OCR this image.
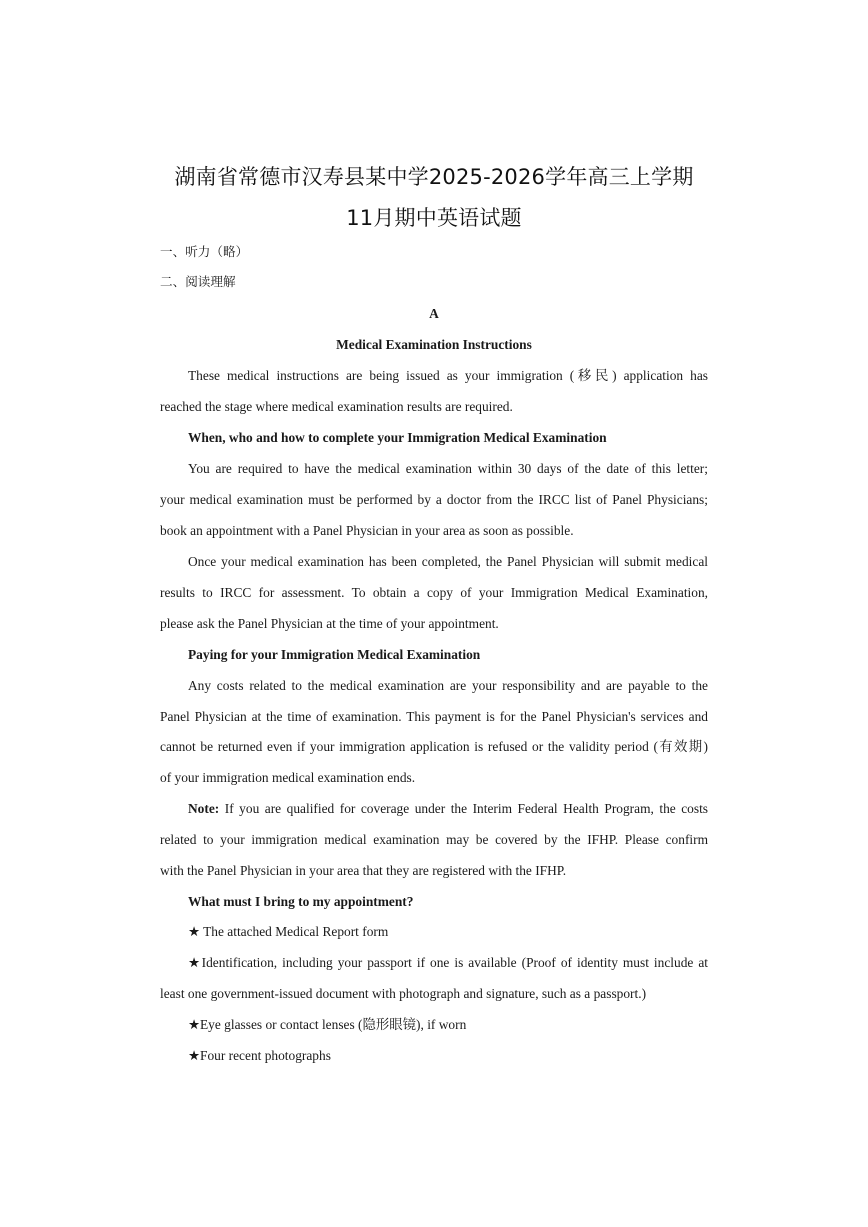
湖南省常德市汉寿县某中学2025-2026学年高三上学期
11月期中英语试题
一、听力（略）
二、阅读理解
A
Medical Examination Instructions
These medical instructions are being issued as your immigration (移民) application has
reached the stage where medical examination results are required.
When, who and how to complete your Immigration Medical Examination
You are required to have the medical examination within 30 days of the date of this letter;
your medical examination must be performed by a doctor from the IRCC list of Panel Physicians;
book an appointment with a Panel Physician in your area as soon as possible.
Once your medical examination has been completed, the Panel Physician will submit medical
results to IRCC for assessment. To obtain a copy of your Immigration Medical Examination,
please ask the Panel Physician at the time of your appointment.
Paying for your Immigration Medical Examination
Any costs related to the medical examination are your responsibility and are payable to the
Panel Physician at the time of examination. This payment is for the Panel Physician's services and
cannot be returned even if your immigration application is refused or the validity period (有效期)
of your immigration medical examination ends.
Note: If you are qualified for coverage under the Interim Federal Health Program, the costs
related to your immigration medical examination may be covered by the IFHP. Please confirm
with the Panel Physician in your area that they are registered with the IFHP.
What must I bring to my appointment?
★ The attached Medical Report form
★Identification, including your passport if one is available (Proof of identity must include at
least one government-issued document with photograph and signature, such as a passport.)
★Eye glasses or contact lenses (隐形眼镜), if worn
★Four recent photographs
